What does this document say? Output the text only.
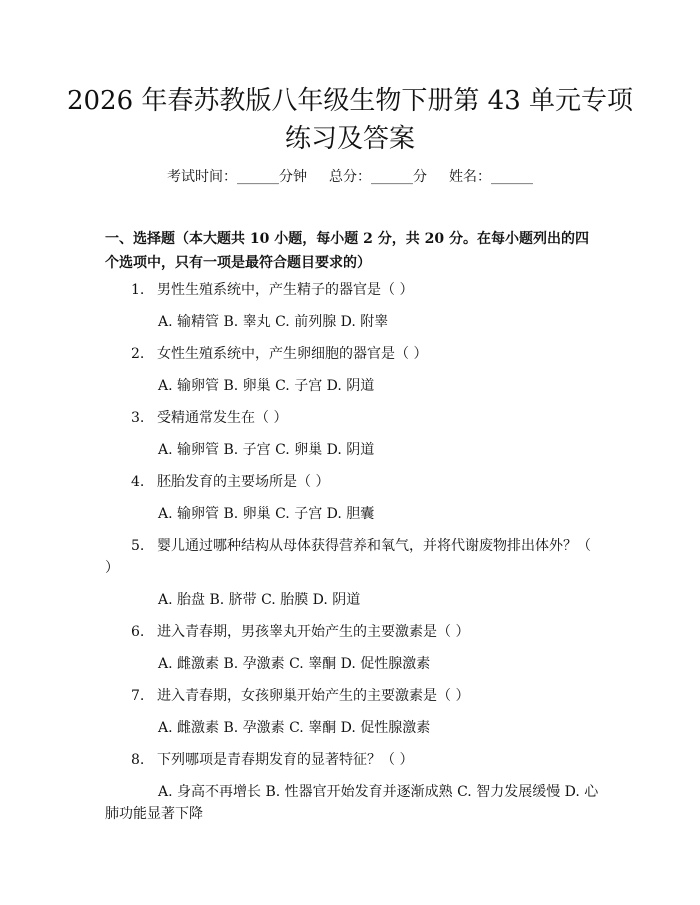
2026 年春苏教版八年级生物下册第 43 单元专项练习及答案
考试时间：______分钟 总分：______分 姓名：______

一、选择题（本大题共 10 小题，每小题 2 分，共 20 分。在每小题列出的四个选项中，只有一项是最符合题目要求的）

1. 男性生殖系统中，产生精子的器官是（ ）
A. 输精管 B. 睾丸 C. 前列腺 D. 附睾
2. 女性生殖系统中，产生卵细胞的器官是（ ）
A. 输卵管 B. 卵巢 C. 子宫 D. 阴道
3. 受精通常发生在（ ）
A. 输卵管 B. 子宫 C. 卵巢 D. 阴道
4. 胚胎发育的主要场所是（ ）
A. 输卵管 B. 卵巢 C. 子宫 D. 胆囊
5. 婴儿通过哪种结构从母体获得营养和氧气，并将代谢废物排出体外？（ ）
A. 胎盘 B. 脐带 C. 胎膜 D. 阴道
6. 进入青春期，男孩睾丸开始产生的主要激素是（ ）
A. 雌激素 B. 孕激素 C. 睾酮 D. 促性腺激素
7. 进入青春期，女孩卵巢开始产生的主要激素是（ ）
A. 雌激素 B. 孕激素 C. 睾酮 D. 促性腺激素
8. 下列哪项是青春期发育的显著特征？（ ）
A. 身高不再增长 B. 性器官开始发育并逐渐成熟 C. 智力发展缓慢 D. 心肺功能显著下降
